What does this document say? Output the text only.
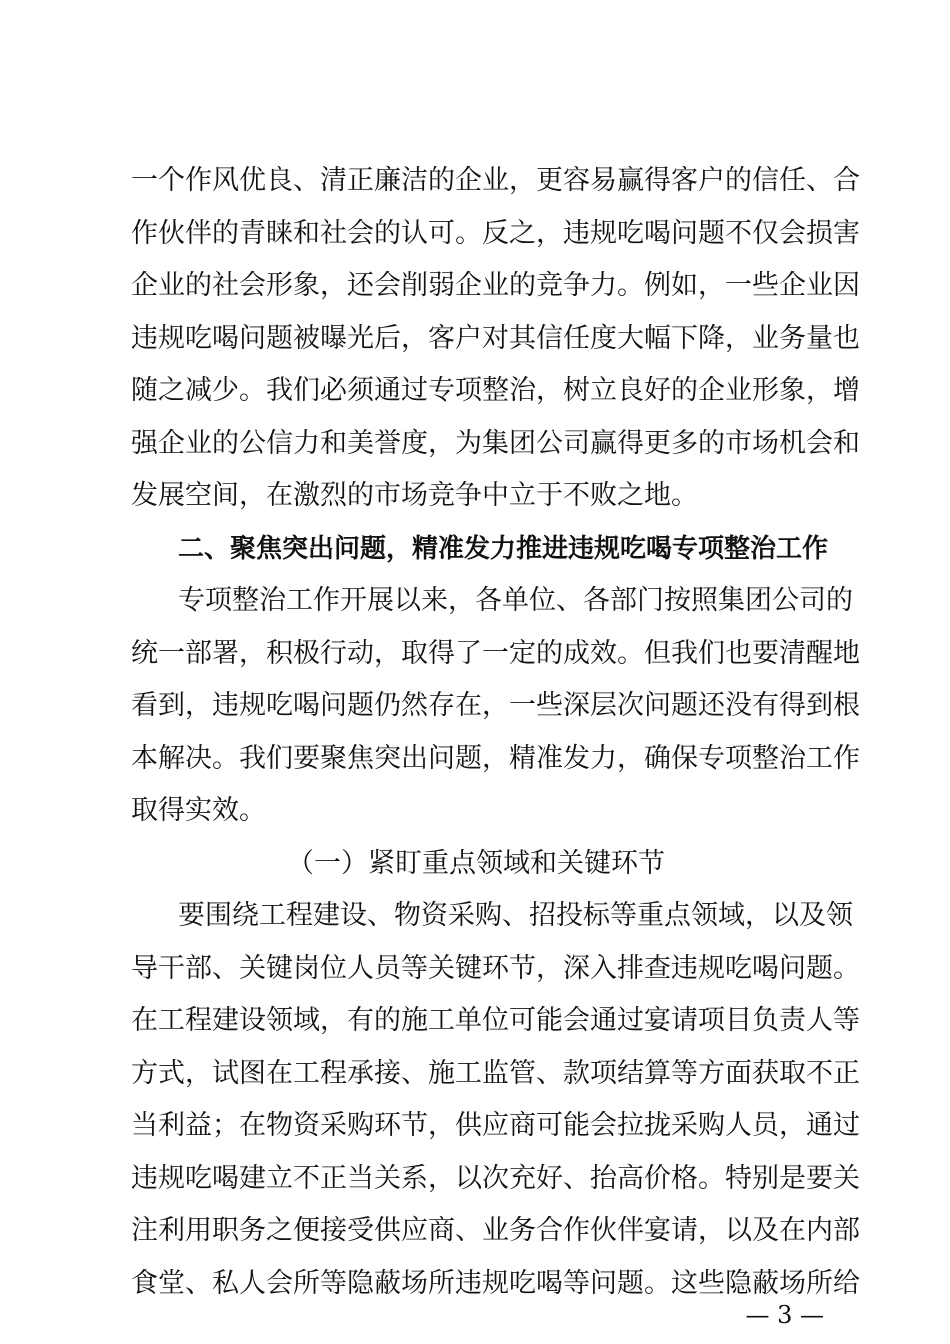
一个作风优良、清正廉洁的企业，更容易赢得客户的信任、合
作伙伴的青睐和社会的认可。反之，违规吃喝问题不仅会损害
企业的社会形象，还会削弱企业的竞争力。例如，一些企业因
违规吃喝问题被曝光后，客户对其信任度大幅下降，业务量也
随之减少。我们必须通过专项整治，树立良好的企业形象，增
强企业的公信力和美誉度，为集团公司赢得更多的市场机会和
发展空间，在激烈的市场竞争中立于不败之地。
二、聚焦突出问题，精准发力推进违规吃喝专项整治工作
专项整治工作开展以来，各单位、各部门按照集团公司的
统一部署，积极行动，取得了一定的成效。但我们也要清醒地
看到，违规吃喝问题仍然存在，一些深层次问题还没有得到根
本解决。我们要聚焦突出问题，精准发力，确保专项整治工作
取得实效。
（一）紧盯重点领域和关键环节
要围绕工程建设、物资采购、招投标等重点领域，以及领
导干部、关键岗位人员等关键环节，深入排查违规吃喝问题。
在工程建设领域，有的施工单位可能会通过宴请项目负责人等
方式，试图在工程承接、施工监管、款项结算等方面获取不正
当利益；在物资采购环节，供应商可能会拉拢采购人员，通过
违规吃喝建立不正当关系，以次充好、抬高价格。特别是要关
注利用职务之便接受供应商、业务合作伙伴宴请，以及在内部
食堂、私人会所等隐蔽场所违规吃喝等问题。这些隐蔽场所给
— 3 —
